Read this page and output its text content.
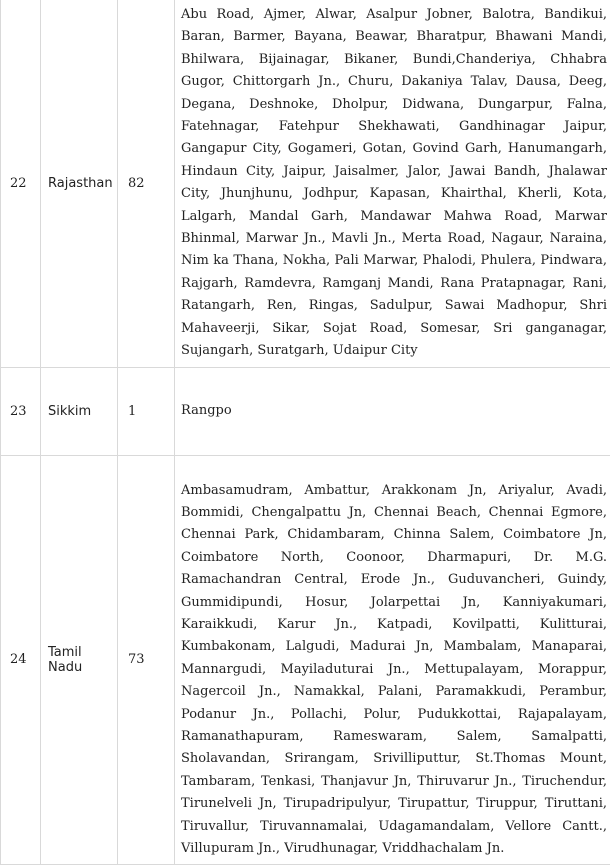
22	Rajasthan	82	Abu Road, Ajmer, Alwar, Asalpur Jobner, Balotra, Bandikui, Baran, Barmer, Bayana, Beawar, Bharatpur, Bhawani Mandi, Bhilwara, Bijainagar, Bikaner, Bundi,Chanderiya, Chhabra Gugor, Chittorgarh Jn., Churu, Dakaniya Talav, Dausa, Deeg, Degana, Deshnoke, Dholpur, Didwana, Dungarpur, Falna, Fatehnagar, Fatehpur Shekhawati, Gandhinagar Jaipur, Gangapur City, Gogameri, Gotan, Govind Garh, Hanumangarh, Hindaun City, Jaipur, Jaisalmer, Jalor, Jawai Bandh, Jhalawar City, Jhunjhunu, Jodhpur, Kapasan, Khairthal, Kherli, Kota, Lalgarh, Mandal Garh, Mandawar Mahwa Road, Marwar Bhinmal, Marwar Jn., Mavli Jn., Merta Road, Nagaur, Naraina, Nim ka Thana, Nokha, Pali Marwar, Phalodi, Phulera, Pindwara, Rajgarh, Ramdevra, Ramganj Mandi, Rana Pratapnagar, Rani, Ratangarh, Ren, Ringas, Sadulpur, Sawai Madhopur, Shri Mahaveerji, Sikar, Sojat Road, Somesar, Sri ganganagar, Sujangarh, Suratgarh, Udaipur City
23	Sikkim	1	Rangpo
24	Tamil Nadu	73	Ambasamudram, Ambattur, Arakkonam Jn, Ariyalur, Avadi, Bommidi, Chengalpattu Jn, Chennai Beach, Chennai Egmore, Chennai Park, Chidambaram, Chinna Salem, Coimbatore Jn, Coimbatore North, Coonoor, Dharmapuri, Dr. M.G. Ramachandran Central, Erode Jn., Guduvancheri, Guindy, Gummidipundi, Hosur, Jolarpettai Jn, Kanniyakumari, Karaikkudi, Karur Jn., Katpadi, Kovilpatti, Kulitturai, Kumbakonam, Lalgudi, Madurai Jn, Mambalam, Manaparai, Mannargudi, Mayiladuturai Jn., Mettupalayam, Morappur, Nagercoil Jn., Namakkal, Palani, Paramakkudi, Perambur, Podanur Jn., Pollachi, Polur, Pudukkottai, Rajapalayam, Ramanathapuram, Rameswaram, Salem, Samalpatti, Sholavandan, Srirangam, Srivilliputtur, St.Thomas Mount, Tambaram, Tenkasi, Thanjavur Jn, Thiruvarur Jn., Tiruchendur, Tirunelveli Jn, Tirupadripulyur, Tirupattur, Tiruppur, Tiruttani, Tiruvallur, Tiruvannamalai, Udagamandalam, Vellore Cantt., Villupuram Jn., Virudhunagar, Vriddhachalam Jn.
